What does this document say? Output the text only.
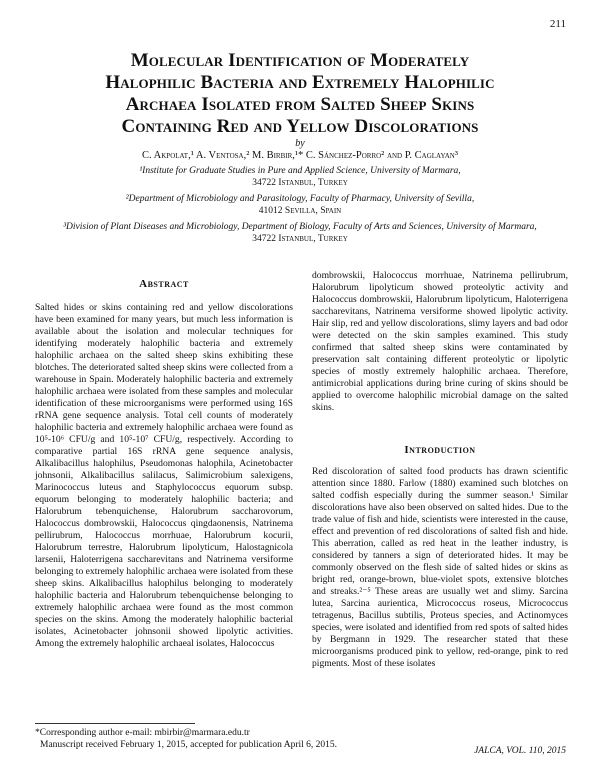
211
Molecular Identification of Moderately
Halophilic Bacteria and Extremely Halophilic
Archaea Isolated from Salted Sheep Skins
Containing Red and Yellow Discolorations
by
C. Akpolat,¹ A. Ventosa,² M. Birbir,¹* C. Sánchez-Porro² and P. Caglayan³
¹Institute for Graduate Studies in Pure and Applied Science, University of Marmara,
34722 Istanbul, Turkey
²Department of Microbiology and Parasitology, Faculty of Pharmacy, University of Sevilla,
41012 Sevilla, Spain
³Division of Plant Diseases and Microbiology, Department of Biology, Faculty of Arts and Sciences, University of Marmara,
34722 Istanbul, Turkey
Abstract

Salted hides or skins containing red and yellow discolorations have been examined for many years, but much less information is available about the isolation and molecular techniques for identifying moderately halophilic bacteria and extremely halophilic archaea on the salted sheep skins exhibiting these blotches. The deteriorated salted sheep skins were collected from a warehouse in Spain. Moderately halophilic bacteria and extremely halophilic archaea were isolated from these samples and molecular identification of these microorganisms were performed using 16S rRNA gene sequence analysis. Total cell counts of moderately halophilic bacteria and extremely halophilic archaea were found as 10⁵-10⁶ CFU/g and 10⁵-10⁷ CFU/g, respectively. According to comparative partial 16S rRNA gene sequence analysis, Alkalibacillus halophilus, Pseudomonas halophila, Acinetobacter johnsonii, Alkalibacillus salilacus, Salimicrobium salexigens, Marinococcus luteus and Staphylococcus equorum subsp. equorum belonging to moderately halophilic bacteria; and Halorubrum tebenquichense, Halorubrum saccharovorum, Halococcus dombrowskii, Halococcus qingdaonensis, Natrinema pellirubrum, Halococcus morrhuae, Halorubrum kocurii, Halorubrum terrestre, Halorubrum lipolyticum, Halostagnicola larsenii, Haloterrigena saccharevitans and Natrinema versiforme belonging to extremely halophilic archaea were isolated from these sheep skins. Alkalibacillus halophilus belonging to moderately halophilic bacteria and Halorubrum tebenquichense belonging to extremely halophilic archaea were found as the most common species on the skins. Among the moderately halophilic bacterial isolates, Acinetobacter johnsonii showed lipolytic activities. Among the extremely halophilic archaeal isolates, Halococcus

dombrowskii, Halococcus morrhuae, Natrinema pellirubrum, Halorubrum lipolyticum showed proteolytic activity and Halococcus dombrowskii, Halorubrum lipolyticum, Haloterrigena saccharevitans, Natrinema versiforme showed lipolytic activity. Hair slip, red and yellow discolorations, slimy layers and bad odor were detected on the skin samples examined. This study confirmed that salted sheep skins were contaminated by preservation salt containing different proteolytic or lipolytic species of mostly extremely halophilic archaea. Therefore, antimicrobial applications during brine curing of skins should be applied to overcome halophilic microbial damage on the salted skins.

Introduction

Red discoloration of salted food products has drawn scientific attention since 1880. Farlow (1880) examined such blotches on salted codfish especially during the summer season.¹ Similar discolorations have also been observed on salted hides. Due to the trade value of fish and hide, scientists were interested in the cause, effect and prevention of red discolorations of salted fish and hide. This aberration, called as red heat in the leather industry, is considered by tanners a sign of deteriorated hides. It may be commonly observed on the flesh side of salted hides or skins as bright red, orange-brown, blue-violet spots, extensive blotches and streaks.²⁻⁵ These areas are usually wet and slimy. Sarcina lutea, Sarcina aurientica, Micrococcus roseus, Micrococcus tetragenus, Bacillus subtilis, Proteus species, and Actinomyces species, were isolated and identified from red spots of salted hides by Bergmann in 1929. The researcher stated that these microorganisms produced pink to yellow, red-orange, pink to red pigments. Most of these isolates

*Corresponding author e-mail: mbirbir@marmara.edu.tr
Manuscript received February 1, 2015, accepted for publication April 6, 2015.
JALCA, VOL. 110, 2015
